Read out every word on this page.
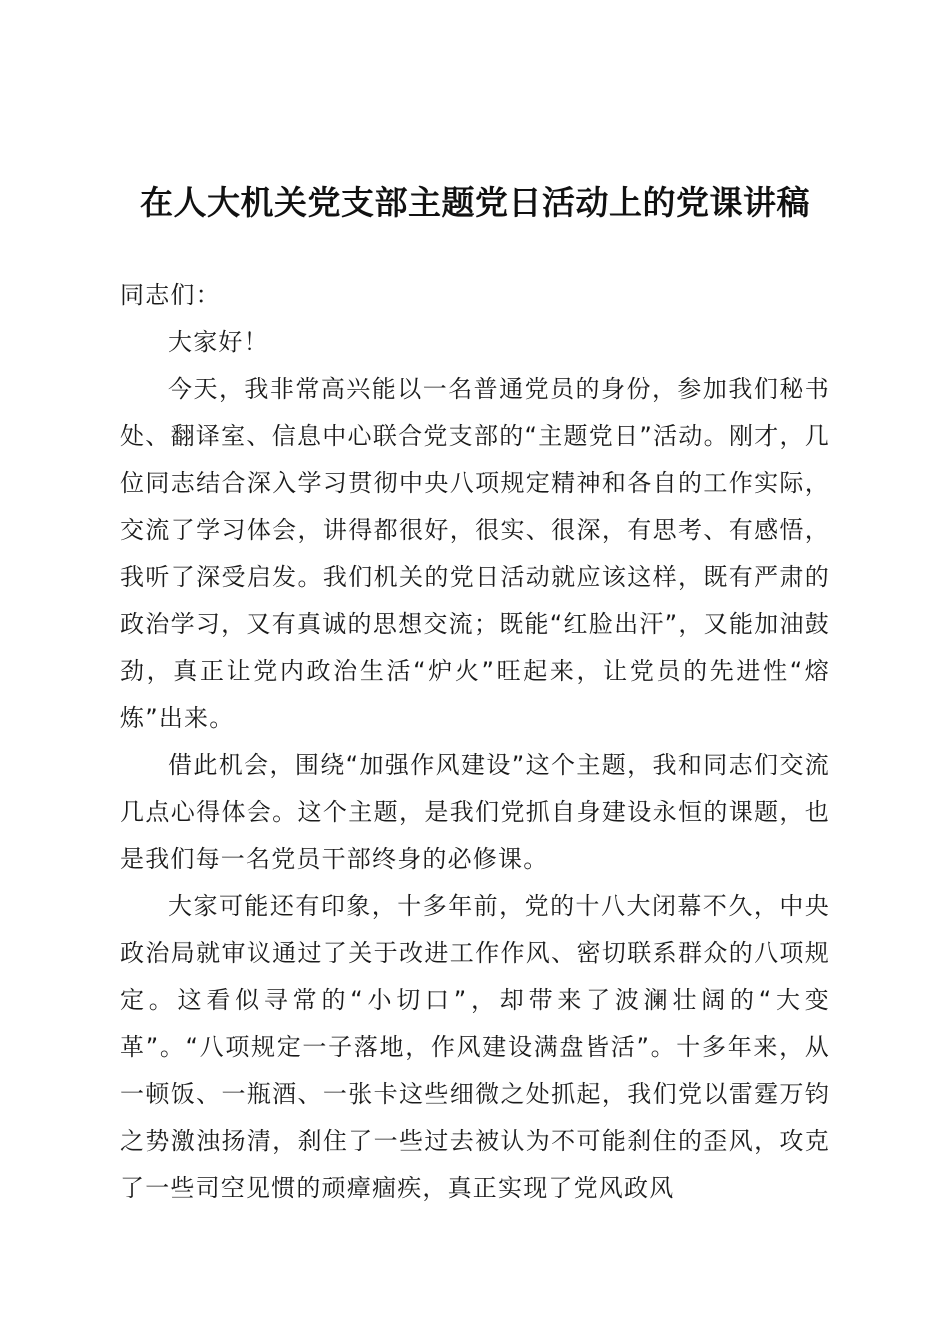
在人大机关党支部主题党日活动上的党课讲稿

同志们：

大家好！

今天，我非常高兴能以一名普通党员的身份，参加我们秘书处、翻译室、信息中心联合党支部的“主题党日”活动。刚才，几位同志结合深入学习贯彻中央八项规定精神和各自的工作实际，交流了学习体会，讲得都很好，很实、很深，有思考、有感悟，我听了深受启发。我们机关的党日活动就应该这样，既有严肃的政治学习，又有真诚的思想交流；既能“红脸出汗”，又能加油鼓劲，真正让党内政治生活“炉火”旺起来，让党员的先进性“熔炼”出来。

借此机会，围绕“加强作风建设”这个主题，我和同志们交流几点心得体会。这个主题，是我们党抓自身建设永恒的课题，也是我们每一名党员干部终身的必修课。

大家可能还有印象，十多年前，党的十八大闭幕不久，中央政治局就审议通过了关于改进工作作风、密切联系群众的八项规定。这看似寻常的“小切口”，却带来了波澜壮阔的“大变革”。“八项规定一子落地，作风建设满盘皆活”。十多年来，从一顿饭、一瓶酒、一张卡这些细微之处抓起，我们党以雷霆万钧之势激浊扬清，刹住了一些过去被认为不可能刹住的歪风，攻克了一些司空见惯的顽瘴痼疾，真正实现了党风政风
